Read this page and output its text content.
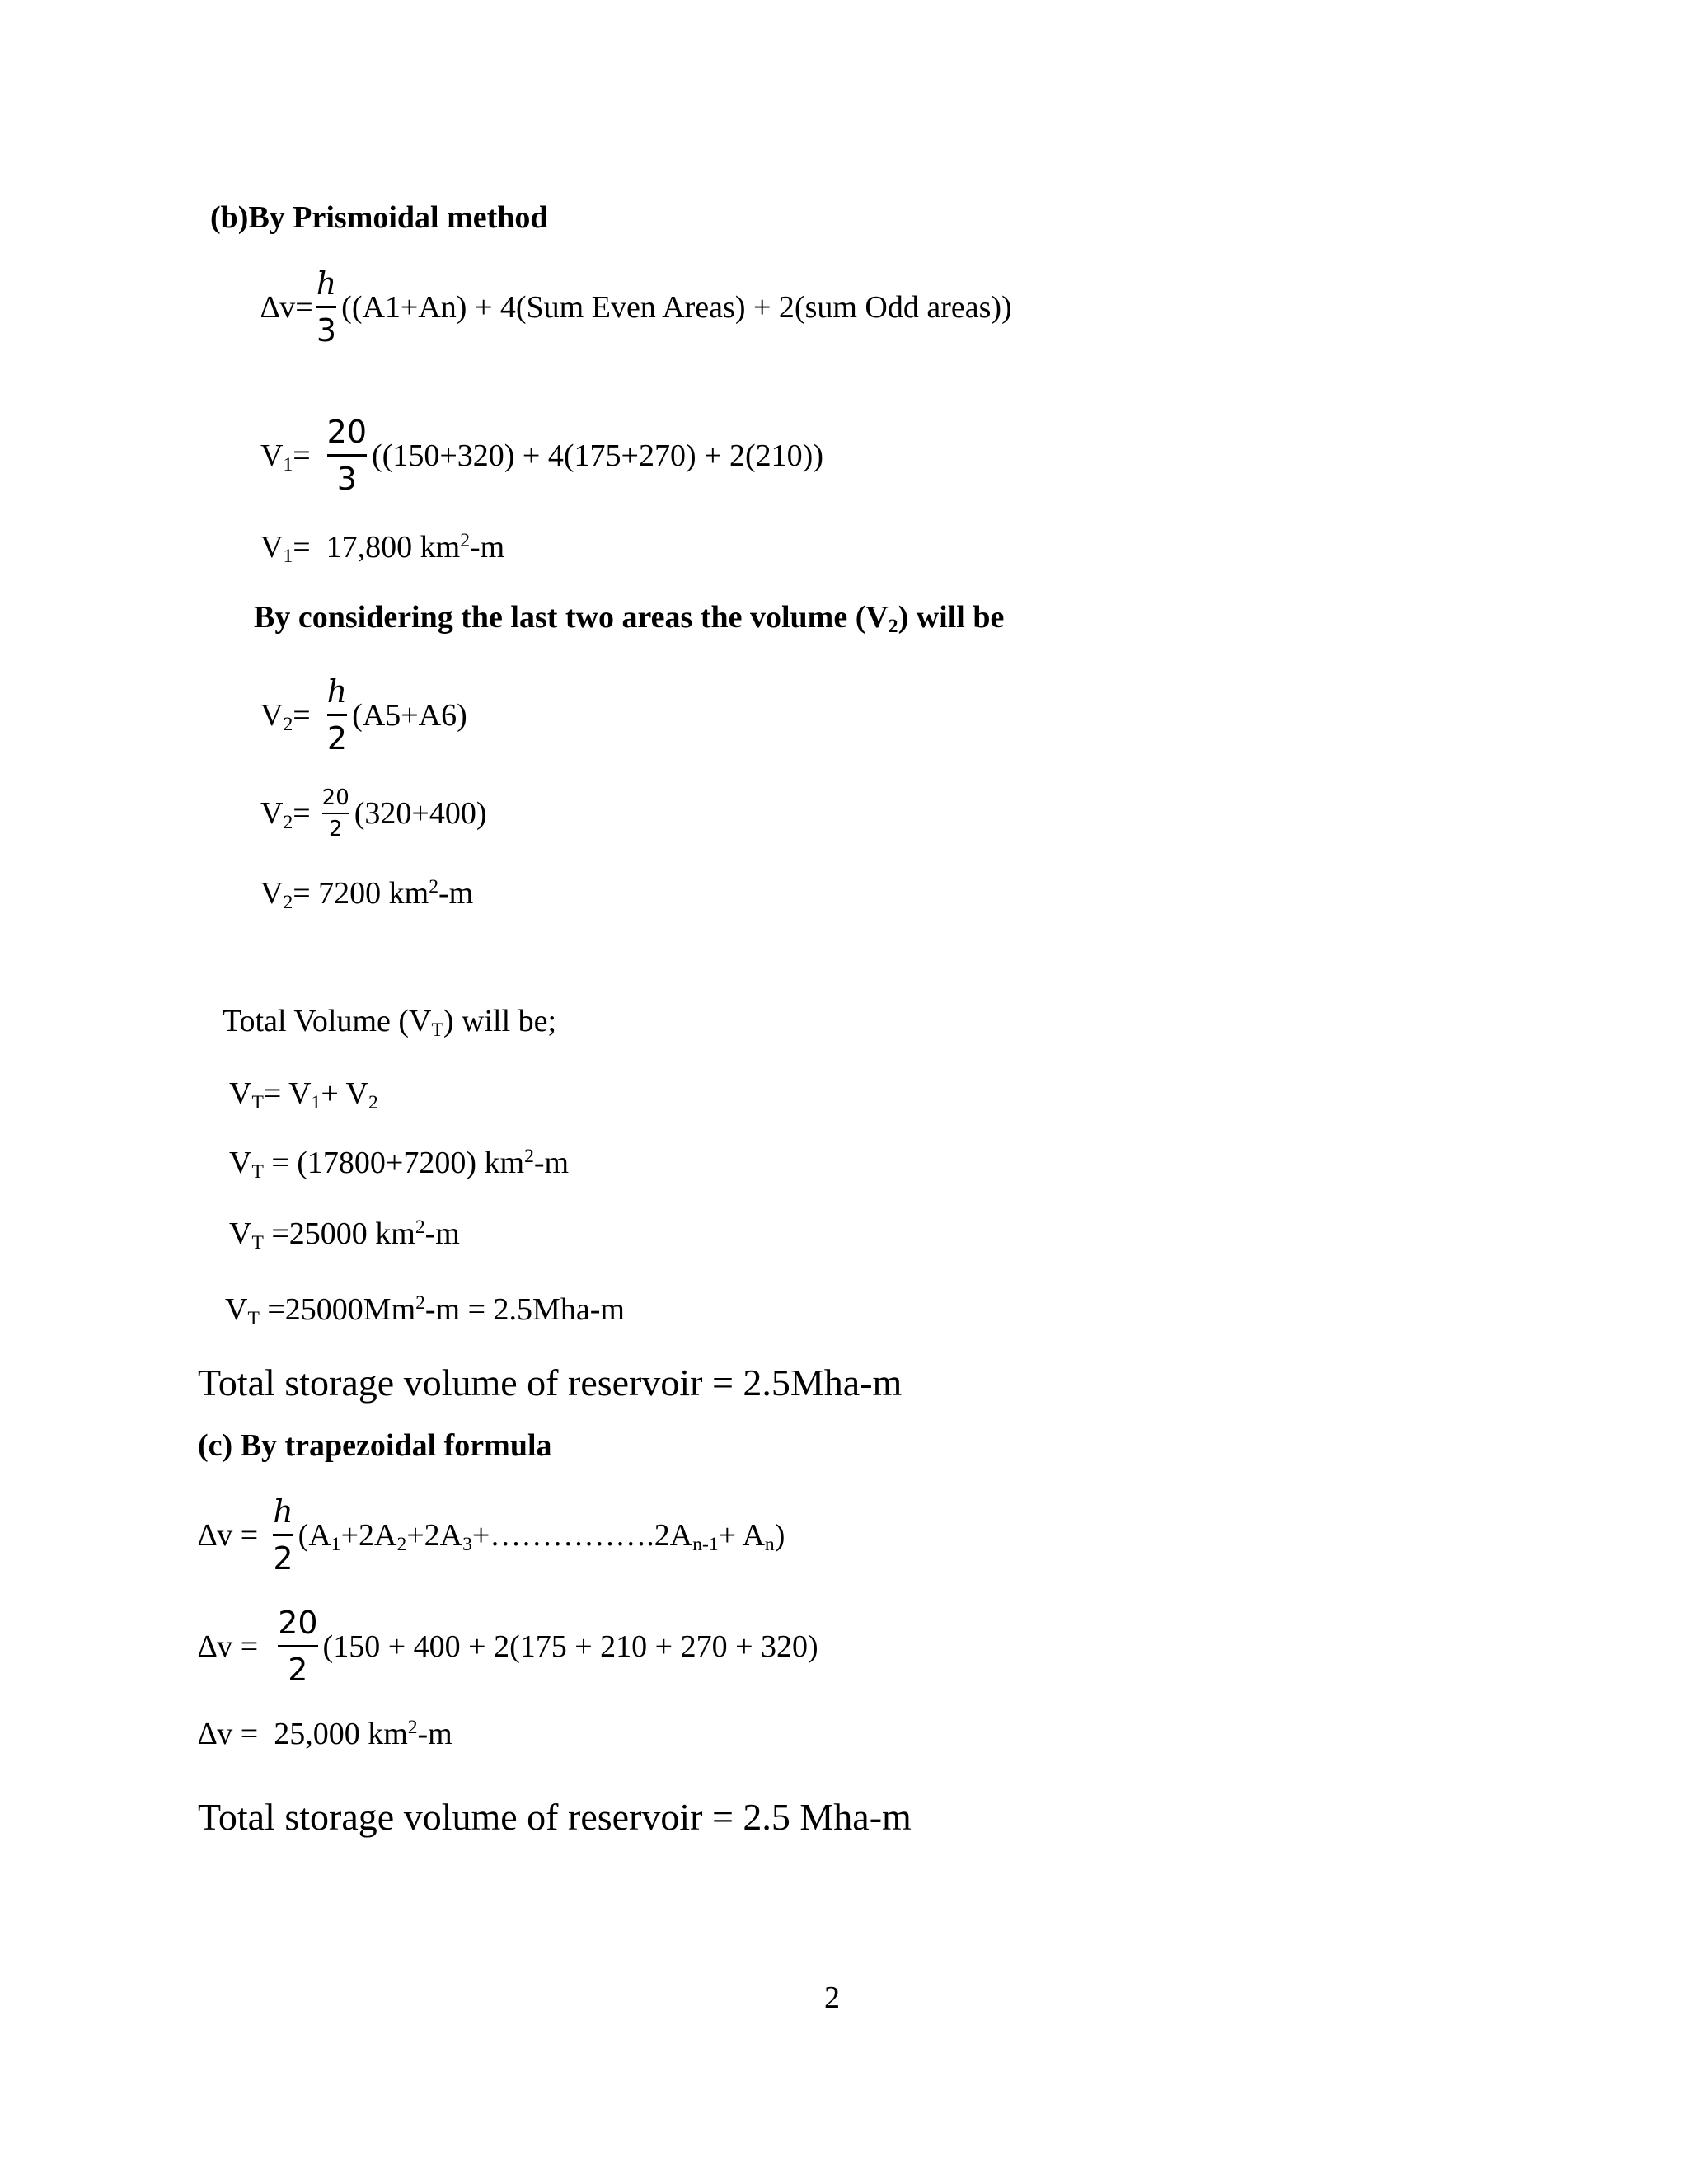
(b)By Prismoidal method
$\Delta v= \frac{h}{3} ((A1+An) + 4(Sum$ Even Areas) + 2(sum Odd areas))
$V_1= \frac{20}{3} ((150+320) + 4(175+270) + 2(210))$
$V_1= 17,800$ $km^2-m$
By considering the last two areas the volume $(V_2)$ will be
$V_2= \frac{h}{2} (A5+A6)$
$V_2= \frac{20}{2} (320+400)$
$V_2= 7200$ $km^2-m$
Total Volume $(V_T)$ will be;
$V_T= V_1+ V_2$
$V_T = (17800+7200)$ $km^2-m$
$V_T =25000$ $km^2-m$
$V_T =25000Mm^2-m = 2.5Mha-m$
Total storage volume of reservoir = 2.5Mha-m
(c) By trapezoidal formula
$\Delta v = \frac{h}{2}$ $(A_1+2A_2+2A_3+\dots\dots\dots\dots\dots.2A_{n-1}+ A_n)$
$\Delta v = \frac{20}{2} (150 + 400 + 2(175 + 210 + 270 + 320)$
∆v = 25,000 $km^2-m$
Total storage volume of reservoir = 2.5 Mha-m
2
